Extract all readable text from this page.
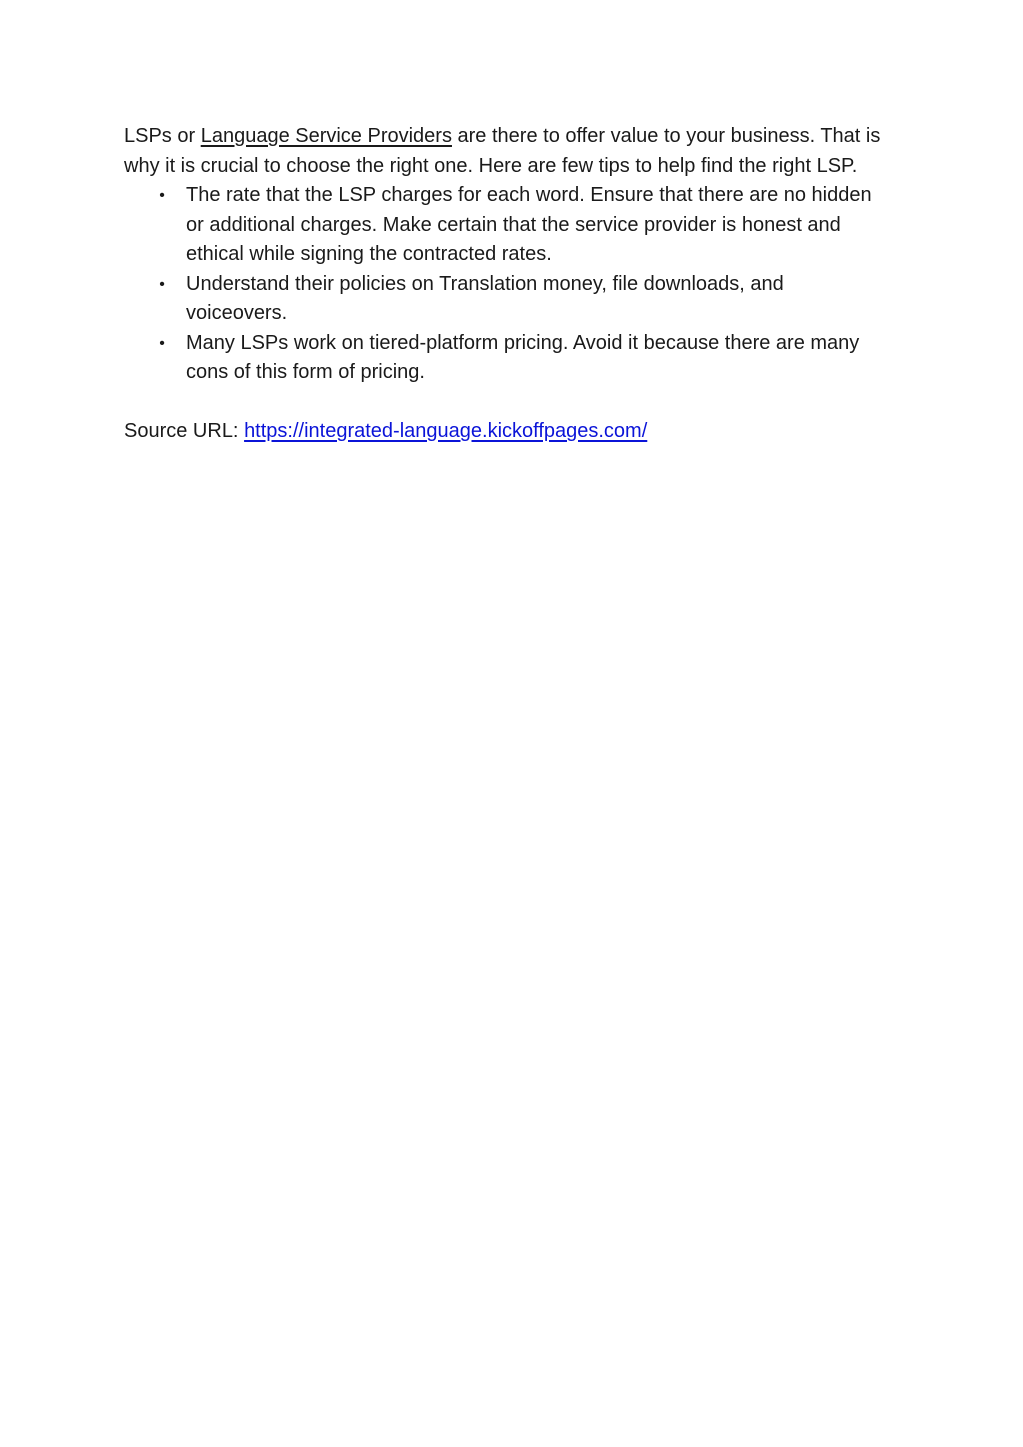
LSPs or Language Service Providers are there to offer value to your business. That is why it is crucial to choose the right one. Here are few tips to help find the right LSP.

• The rate that the LSP charges for each word. Ensure that there are no hidden or additional charges. Make certain that the service provider is honest and ethical while signing the contracted rates.
• Understand their policies on Translation money, file downloads, and voiceovers.
• Many LSPs work on tiered-platform pricing. Avoid it because there are many cons of this form of pricing.

Source URL: https://integrated-language.kickoffpages.com/
